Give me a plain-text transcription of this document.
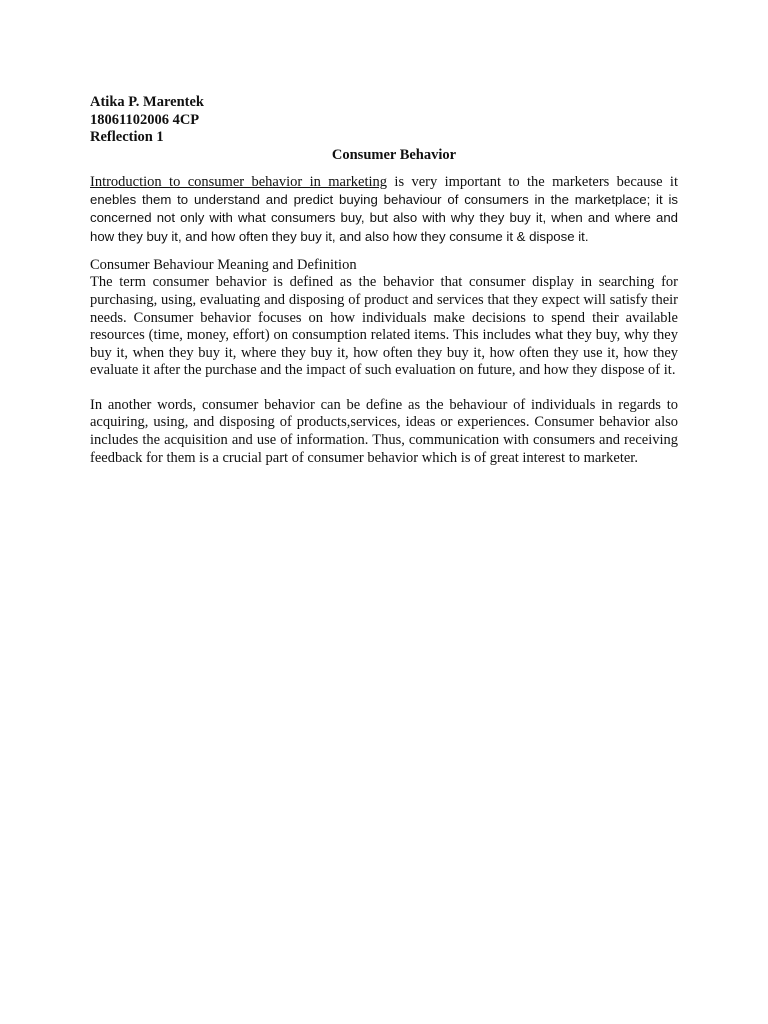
Atika P. Marentek

18061102006 4CP

Reflection 1

Consumer Behavior

Introduction to consumer behavior in marketing is very important to the marketers because it enebles them to understand and predict buying behaviour of consumers in the marketplace; it is concerned not only with what consumers buy, but also with why they buy it, when and where and how they buy it, and how often they buy it, and also how they consume it & dispose it.

Consumer Behaviour Meaning and Definition

The term consumer behavior is defined as the behavior that consumer display in searching for purchasing, using, evaluating and disposing of product and services that they expect will satisfy their needs. Consumer behavior focuses on how individuals make decisions to spend their available resources (time, money, effort) on consumption related items. This includes what they buy, why they buy it, when they buy it, where they buy it, how often they buy it, how often they use it, how they evaluate it after the purchase and the impact of such evaluation on future, and how they dispose of it.

In another words, consumer behavior can be define as the behaviour of individuals in regards to acquiring, using, and disposing of products,services, ideas or experiences. Consumer behavior also includes the acquisition and use of information. Thus, communication with consumers and receiving feedback for them is a crucial part of consumer behavior which is of great interest to marketer.
